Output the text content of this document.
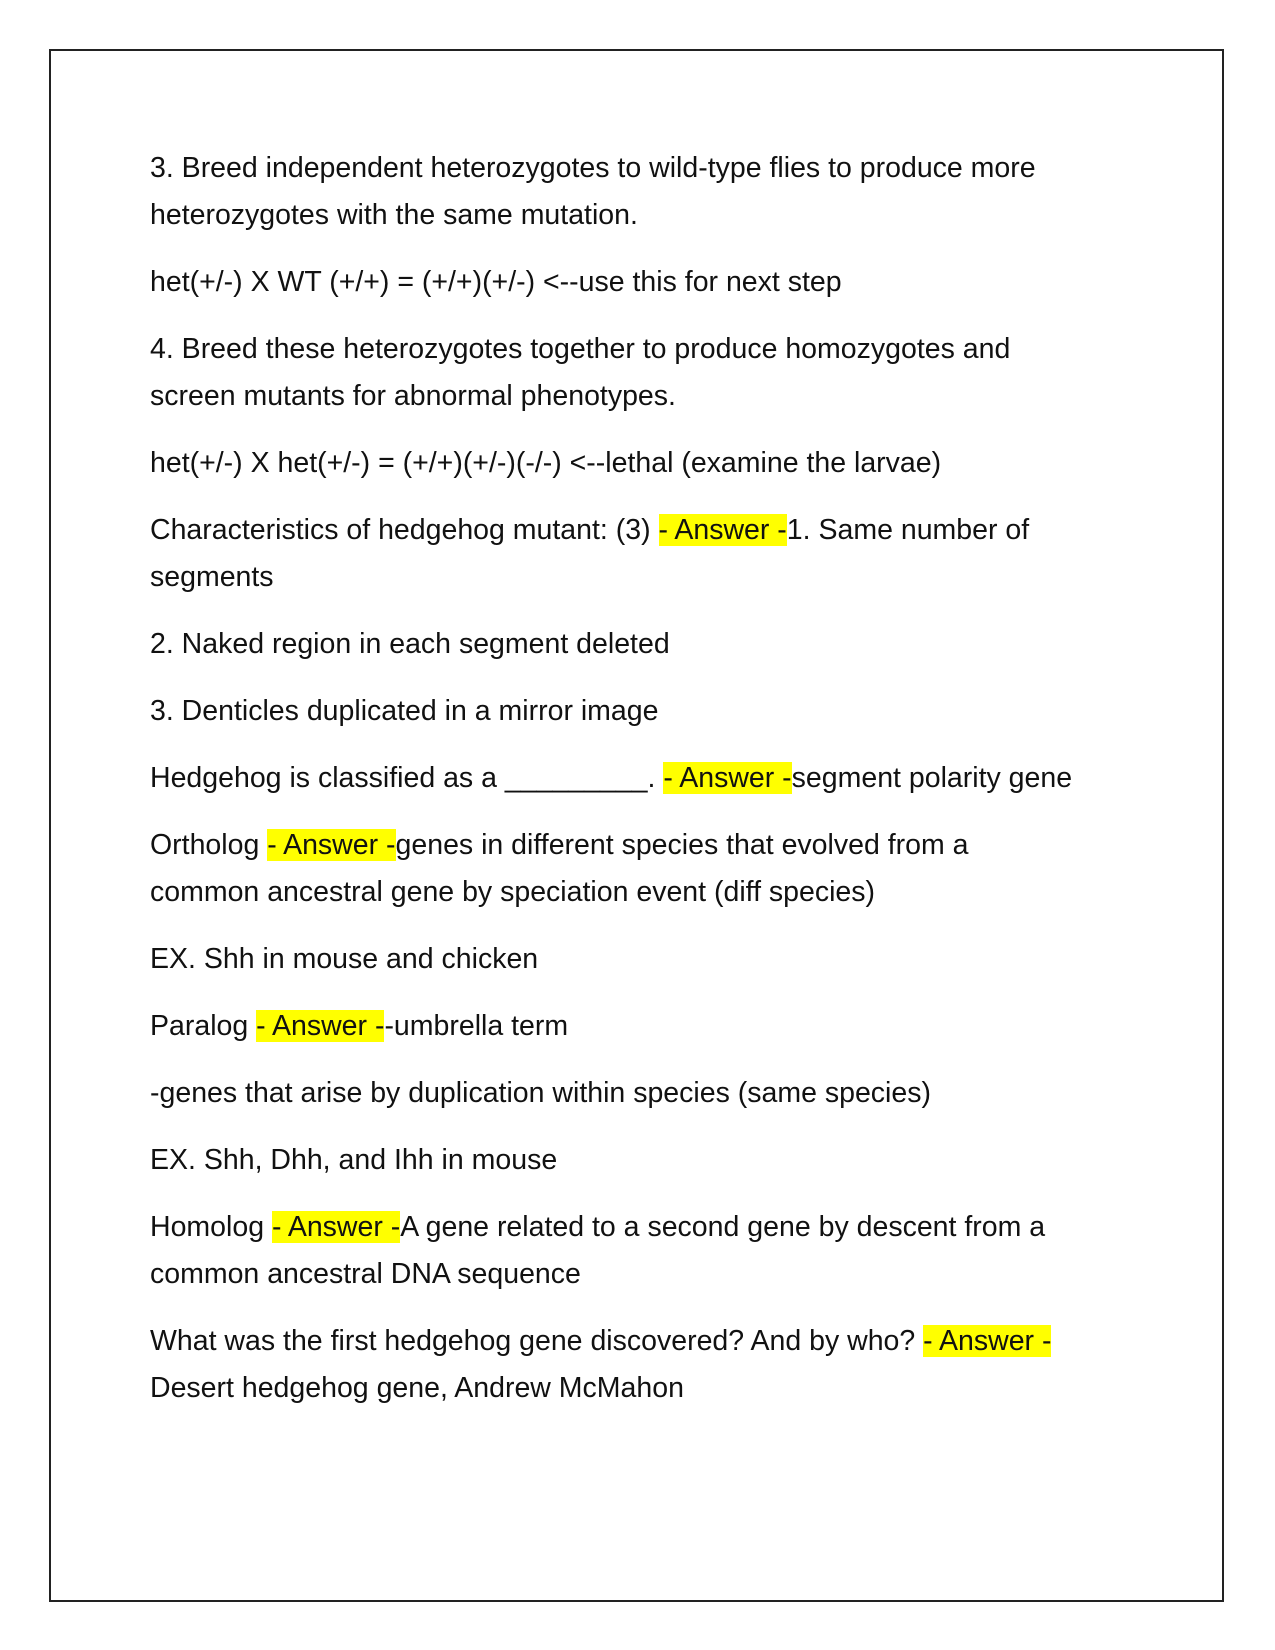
3. Breed independent heterozygotes to wild-type flies to produce more
heterozygotes with the same mutation.

het(+/-) X WT (+/+) = (+/+)(+/-) <--use this for next step

4. Breed these heterozygotes together to produce homozygotes and
screen mutants for abnormal phenotypes.

het(+/-) X het(+/-) = (+/+)(+/-)(-/-) <--lethal (examine the larvae)

Characteristics of hedgehog mutant: (3) - Answer -1. Same number of
segments

2. Naked region in each segment deleted

3. Denticles duplicated in a mirror image

Hedgehog is classified as a _________. - Answer -segment polarity gene

Ortholog - Answer -genes in different species that evolved from a
common ancestral gene by speciation event (diff species)

EX. Shh in mouse and chicken

Paralog - Answer --umbrella term

-genes that arise by duplication within species (same species)

EX. Shh, Dhh, and Ihh in mouse

Homolog - Answer -A gene related to a second gene by descent from a
common ancestral DNA sequence

What was the first hedgehog gene discovered? And by who? - Answer -
Desert hedgehog gene, Andrew McMahon
